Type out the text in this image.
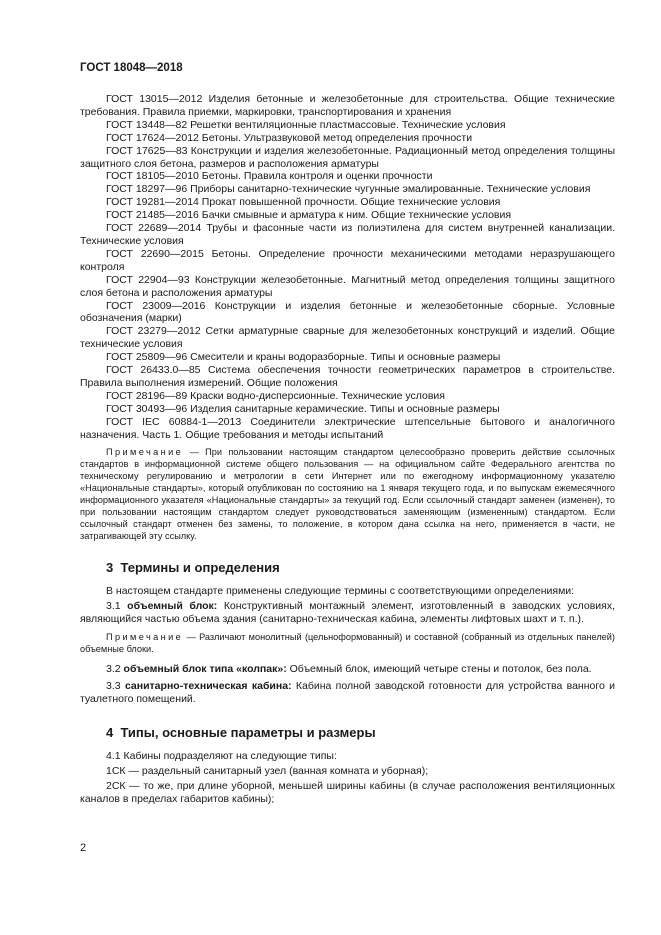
ГОСТ 18048—2018

ГОСТ 13015—2012 Изделия бетонные и железобетонные для строительства. Общие технические требования. Правила приемки, маркировки, транспортирования и хранения

ГОСТ 13448—82 Решетки вентиляционные пластмассовые. Технические условия

ГОСТ 17624—2012 Бетоны. Ультразвуковой метод определения прочности

ГОСТ 17625—83 Конструкции и изделия железобетонные. Радиационный метод определения толщины защитного слоя бетона, размеров и расположения арматуры

ГОСТ 18105—2010 Бетоны. Правила контроля и оценки прочности

ГОСТ 18297—96 Приборы санитарно-технические чугунные эмалированные. Технические условия

ГОСТ 19281—2014 Прокат повышенной прочности. Общие технические условия

ГОСТ 21485—2016 Бачки смывные и арматура к ним. Общие технические условия

ГОСТ 22689—2014 Трубы и фасонные части из полиэтилена для систем внутренней канализации. Технические условия

ГОСТ 22690—2015 Бетоны. Определение прочности механическими методами неразрушающего контроля

ГОСТ 22904—93 Конструкции железобетонные. Магнитный метод определения толщины защитного слоя бетона и расположения арматуры

ГОСТ 23009—2016 Конструкции и изделия бетонные и железобетонные сборные. Условные обозначения (марки)

ГОСТ 23279—2012 Сетки арматурные сварные для железобетонных конструкций и изделий. Общие технические условия

ГОСТ 25809—96 Смесители и краны водоразборные. Типы и основные размеры

ГОСТ 26433.0—85 Система обеспечения точности геометрических параметров в строительстве. Правила выполнения измерений. Общие положения

ГОСТ 28196—89 Краски водно-дисперсионные. Технические условия

ГОСТ 30493—96 Изделия санитарные керамические. Типы и основные размеры

ГОСТ IEC 60884-1—2013 Соединители электрические штепсельные бытового и аналогичного назначения. Часть 1. Общие требования и методы испытаний

Примечание — При пользовании настоящим стандартом целесообразно проверить действие ссылочных стандартов в информационной системе общего пользования — на официальном сайте Федерального агентства по техническому регулированию и метрологии в сети Интернет или по ежегодному информационному указателю «Национальные стандарты», который опубликован по состоянию на 1 января текущего года, и по выпускам ежемесячного информационного указателя «Национальные стандарты» за текущий год. Если ссылочный стандарт заменен (изменен), то при пользовании настоящим стандартом следует руководствоваться заменяющим (измененным) стандартом. Если ссылочный стандарт отменен без замены, то положение, в котором дана ссылка на него, применяется в части, не затрагивающей эту ссылку.

3 Термины и определения

В настоящем стандарте применены следующие термины с соответствующими определениями:

3.1 объемный блок: Конструктивный монтажный элемент, изготовленный в заводских условиях, являющийся частью объема здания (санитарно-техническая кабина, элементы лифтовых шахт и т. п.).

Примечание — Различают монолитный (цельноформованный) и составной (собранный из отдельных панелей) объемные блоки.

3.2 объемный блок типа «колпак»: Объемный блок, имеющий четыре стены и потолок, без пола.

3.3 санитарно-техническая кабина: Кабина полной заводской готовности для устройства ванного и туалетного помещений.

4 Типы, основные параметры и размеры

4.1 Кабины подразделяют на следующие типы:

1СК — раздельный санитарный узел (ванная комната и уборная);

2СК — то же, при длине уборной, меньшей ширины кабины (в случае расположения вентиляционных каналов в пределах габаритов кабины);

2
